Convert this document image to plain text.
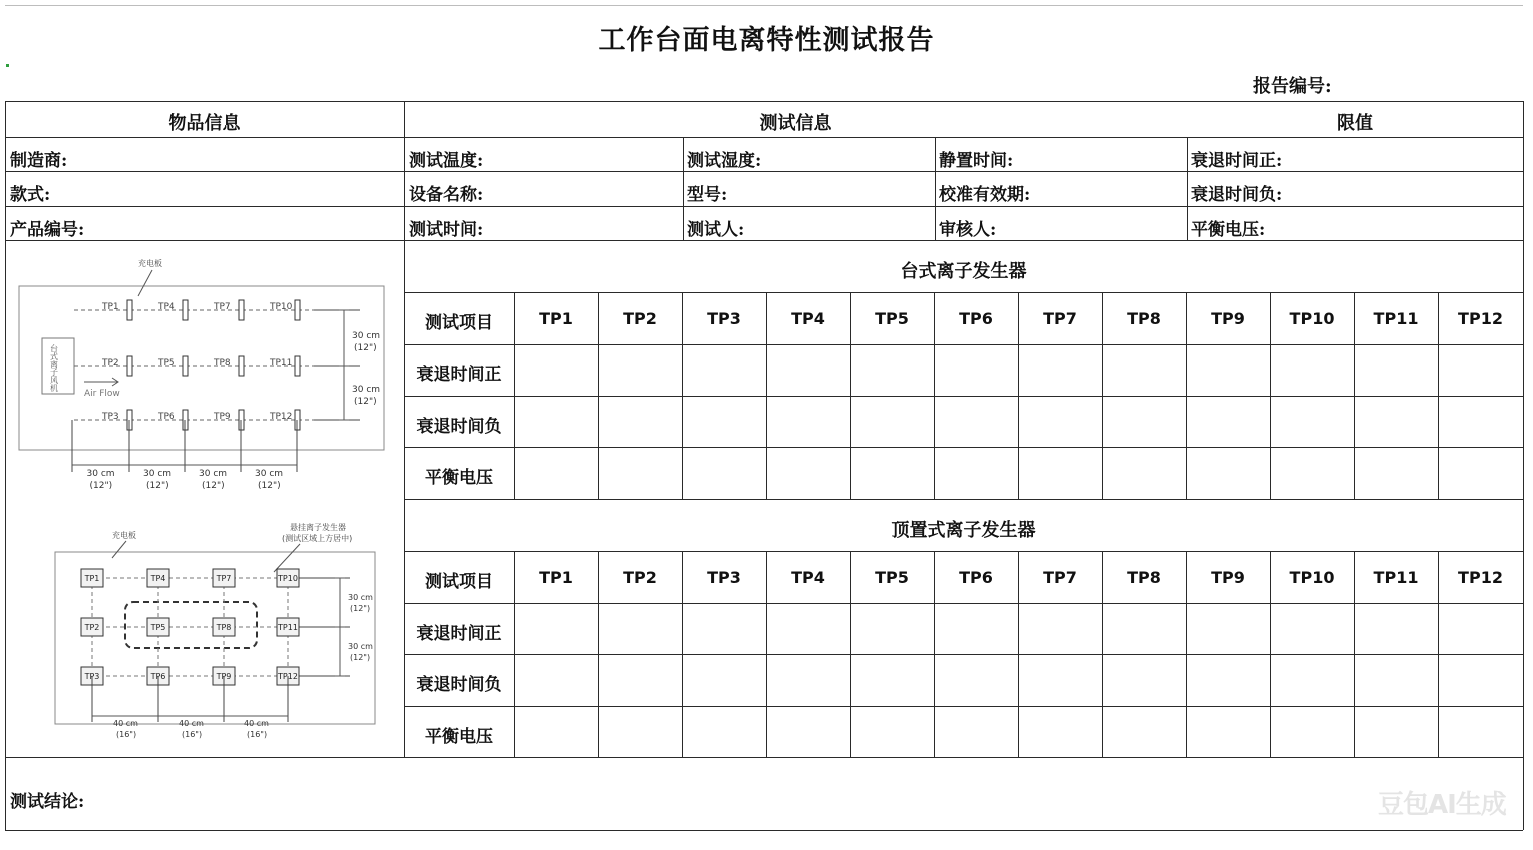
工作台面电离特性测试报告
报告编号:
物品信息	测试信息	限值
制造商:	测试温度:	测试湿度:	静置时间:	衰退时间正:
款式:	设备名称:	型号:	校准有效期:	衰退时间负:
产品编号:	测试时间:	测试人:	审核人:	平衡电压:
台式离子发生器
测试项目	TP1	TP2	TP3	TP4	TP5	TP6	TP7	TP8	TP9	TP10	TP11	TP12
衰退时间正
衰退时间负
平衡电压
顶置式离子发生器
测试项目	TP1	TP2	TP3	TP4	TP5	TP6	TP7	TP8	TP9	TP10	TP11	TP12
衰退时间正
衰退时间负
平衡电压
测试结论:
充电板
台式离子风机
Air Flow
TP1	TP4	TP7	TP10
TP2	TP5	TP8	TP11
TP3	TP6	TP9	TP12
30 cm
(12")
30 cm
(12")
30 cm
(12")
30 cm
(12")
30 cm
(12")
30 cm
(12")
充电板
悬挂离子发生器
(测试区域上方居中)
TP1	TP4	TP7	TP10
TP2	TP5	TP8	TP11
TP3	TP6	TP9	TP12
30 cm
(12")
30 cm
(12")
40 cm
(16")
40 cm
(16")
40 cm
(16")
豆包AI生成
